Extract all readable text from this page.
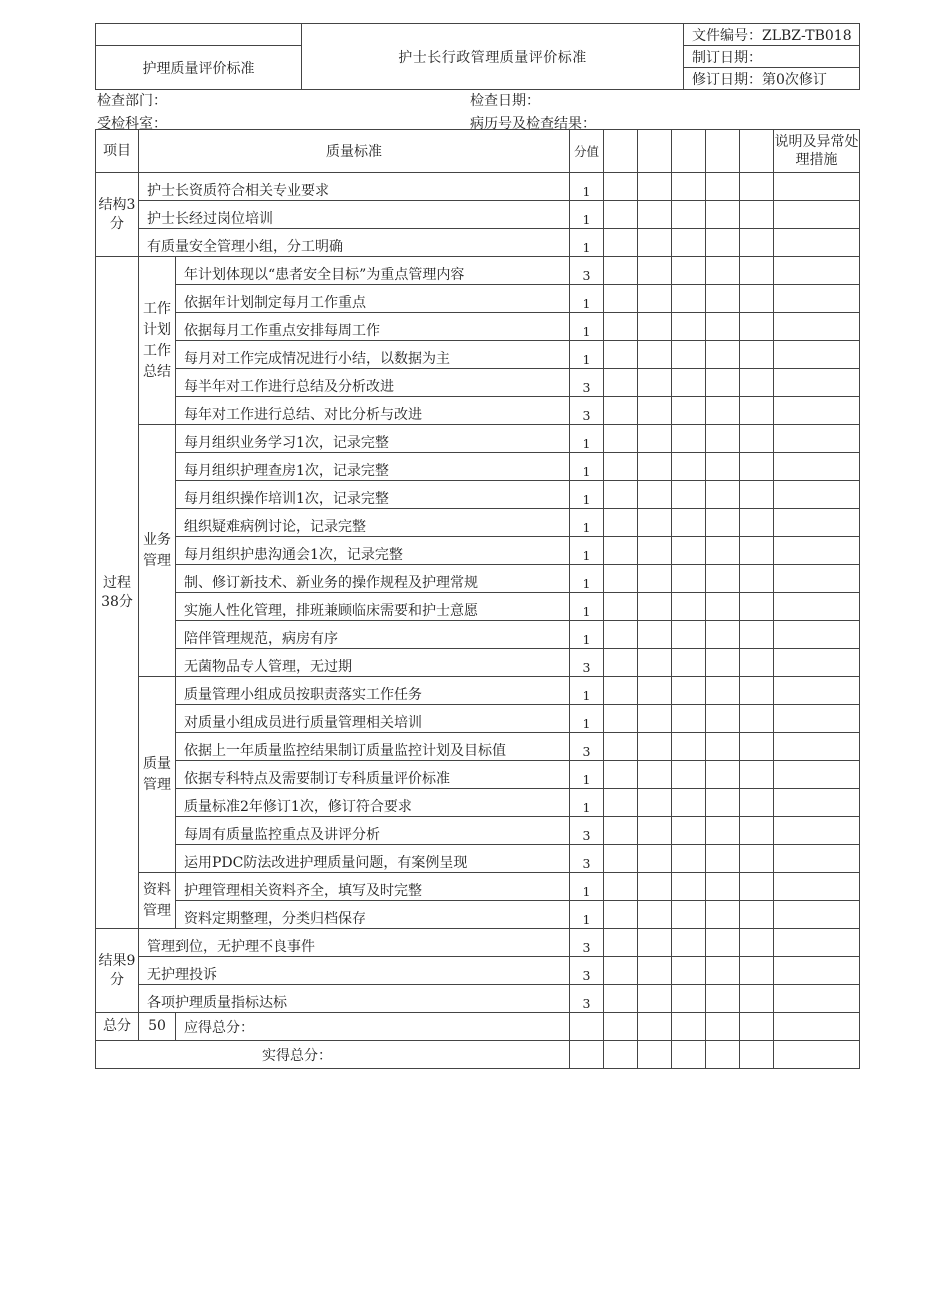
	护士长行政管理质量评价标准	文件编号：ZLBZ-TB018
护理质量评价标准		制订日期：
		修订日期：第0次修订
检查部门：	检查日期：
受检科室：	病历号及检查结果：
项目	质量标准		分值						说明及异常处理措施
结构3分	护士长资质符合相关专业要求		1						

	护士长经过岗位培训		1						

	有质量安全管理小组，分工明确		1						

过程38分	工作计划工作总结	年计划体现以“患者安全目标”为重点管理内容	3						

		依据年计划制定每月工作重点	1						

		依据每月工作重点安排每周工作	1						

		每月对工作完成情况进行小结，以数据为主	1						

		每半年对工作进行总结及分析改进	3						

		每年对工作进行总结、对比分析与改进	3						

	业务管理	每月组织业务学习1次，记录完整	1						

		每月组织护理查房1次，记录完整	1						

		每月组织操作培训1次，记录完整	1						

		组织疑难病例讨论，记录完整	1						

		每月组织护患沟通会1次，记录完整	1						

		制、修订新技术、新业务的操作规程及护理常规	1						

		实施人性化管理，排班兼顾临床需要和护士意愿	1						

		陪伴管理规范，病房有序	1						

		无菌物品专人管理，无过期	3						

	质量管理	质量管理小组成员按职责落实工作任务	1						

		对质量小组成员进行质量管理相关培训	1						

		依据上一年质量监控结果制订质量监控计划及目标值	3						

		依据专科特点及需要制订专科质量评价标准	1						

		质量标准2年修订1次，修订符合要求	1						

		每周有质量监控重点及讲评分析	3						

		运用PDC防法改进护理质量问题，有案例呈现	3						

	资料管理	护理管理相关资料齐全，填写及时完整	1						

		资料定期整理，分类归档保存	1						

结果9分	管理到位，无护理不良事件		3						

	无护理投诉		3						

	各项护理质量指标达标		3						

总分	50	应得总分：							
实得总分：									
